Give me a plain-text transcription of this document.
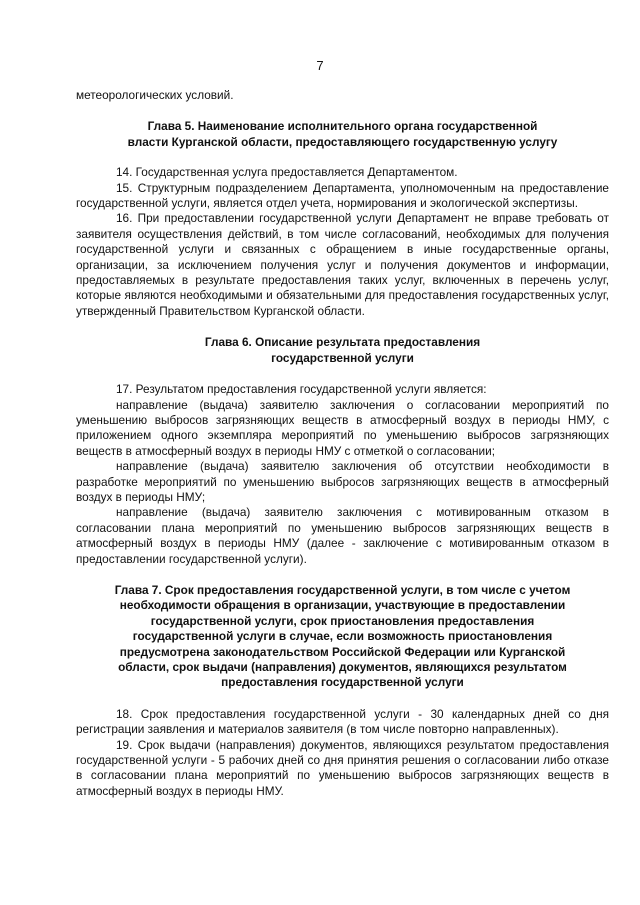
7

метеорологических условий.

Глава 5. Наименование исполнительного органа государственной
власти Курганской области, предоставляющего государственную услугу

14. Государственная услуга предоставляется Департаментом.

15. Структурным подразделением Департамента, уполномоченным на предоставление государственной услуги, является отдел учета, нормирования и экологической экспертизы.

16. При предоставлении государственной услуги Департамент не вправе требовать от заявителя осуществления действий, в том числе согласований, необходимых для получения государственной услуги и связанных с обращением в иные государственные органы, организации, за исключением получения услуг и получения документов и информации, предоставляемых в результате предоставления таких услуг, включенных в перечень услуг, которые являются необходимыми и обязательными для предоставления государственных услуг, утвержденный Правительством Курганской области.

Глава 6. Описание результата предоставления
государственной услуги

17. Результатом предоставления государственной услуги является:

направление (выдача) заявителю заключения о согласовании мероприятий по уменьшению выбросов загрязняющих веществ в атмосферный воздух в периоды НМУ, с приложением одного экземпляра мероприятий по уменьшению выбросов загрязняющих веществ в атмосферный воздух в периоды НМУ с отметкой о согласовании;

направление (выдача) заявителю заключения об отсутствии необходимости в разработке мероприятий по уменьшению выбросов загрязняющих веществ в атмосферный воздух в периоды НМУ;

направление (выдача) заявителю заключения с мотивированным отказом в согласовании плана мероприятий по уменьшению выбросов загрязняющих веществ в атмосферный воздух в периоды НМУ (далее - заключение с мотивированным отказом в предоставлении государственной услуги).

Глава 7. Срок предоставления государственной услуги, в том числе с учетом
необходимости обращения в организации, участвующие в предоставлении
государственной услуги, срок приостановления предоставления
государственной услуги в случае, если возможность приостановления
предусмотрена законодательством Российской Федерации или Курганской
области, срок выдачи (направления) документов, являющихся результатом
предоставления государственной услуги

18. Срок предоставления государственной услуги - 30 календарных дней со дня регистрации заявления и материалов заявителя (в том числе повторно направленных).

19. Срок выдачи (направления) документов, являющихся результатом предоставления государственной услуги - 5 рабочих дней со дня принятия решения о согласовании либо отказе в согласовании плана мероприятий по уменьшению выбросов загрязняющих веществ в атмосферный воздух в периоды НМУ.
